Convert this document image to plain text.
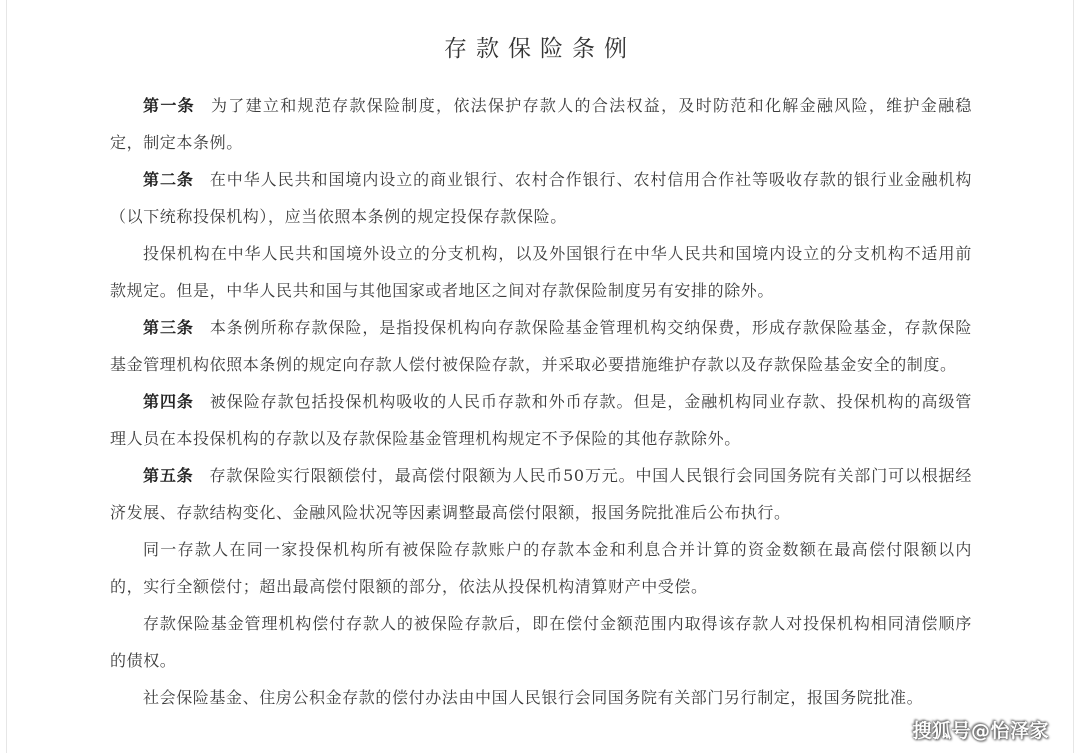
存款保险条例

第一条 为了建立和规范存款保险制度，依法保护存款人的合法权益，及时防范和化解金融风险，维护金融稳定，制定本条例。

第二条 在中华人民共和国境内设立的商业银行、农村合作银行、农村信用合作社等吸收存款的银行业金融机构（以下统称投保机构），应当依照本条例的规定投保存款保险。

投保机构在中华人民共和国境外设立的分支机构，以及外国银行在中华人民共和国境内设立的分支机构不适用前款规定。但是，中华人民共和国与其他国家或者地区之间对存款保险制度另有安排的除外。

第三条 本条例所称存款保险，是指投保机构向存款保险基金管理机构交纳保费，形成存款保险基金，存款保险基金管理机构依照本条例的规定向存款人偿付被保险存款，并采取必要措施维护存款以及存款保险基金安全的制度。

第四条 被保险存款包括投保机构吸收的人民币存款和外币存款。但是，金融机构同业存款、投保机构的高级管理人员在本投保机构的存款以及存款保险基金管理机构规定不予保险的其他存款除外。

第五条 存款保险实行限额偿付，最高偿付限额为人民币50万元。中国人民银行会同国务院有关部门可以根据经济发展、存款结构变化、金融风险状况等因素调整最高偿付限额，报国务院批准后公布执行。

同一存款人在同一家投保机构所有被保险存款账户的存款本金和利息合并计算的资金数额在最高偿付限额以内的，实行全额偿付；超出最高偿付限额的部分，依法从投保机构清算财产中受偿。

存款保险基金管理机构偿付存款人的被保险存款后，即在偿付金额范围内取得该存款人对投保机构相同清偿顺序的债权。

社会保险基金、住房公积金存款的偿付办法由中国人民银行会同国务院有关部门另行制定，报国务院批准。

搜狐号@怡泽家
